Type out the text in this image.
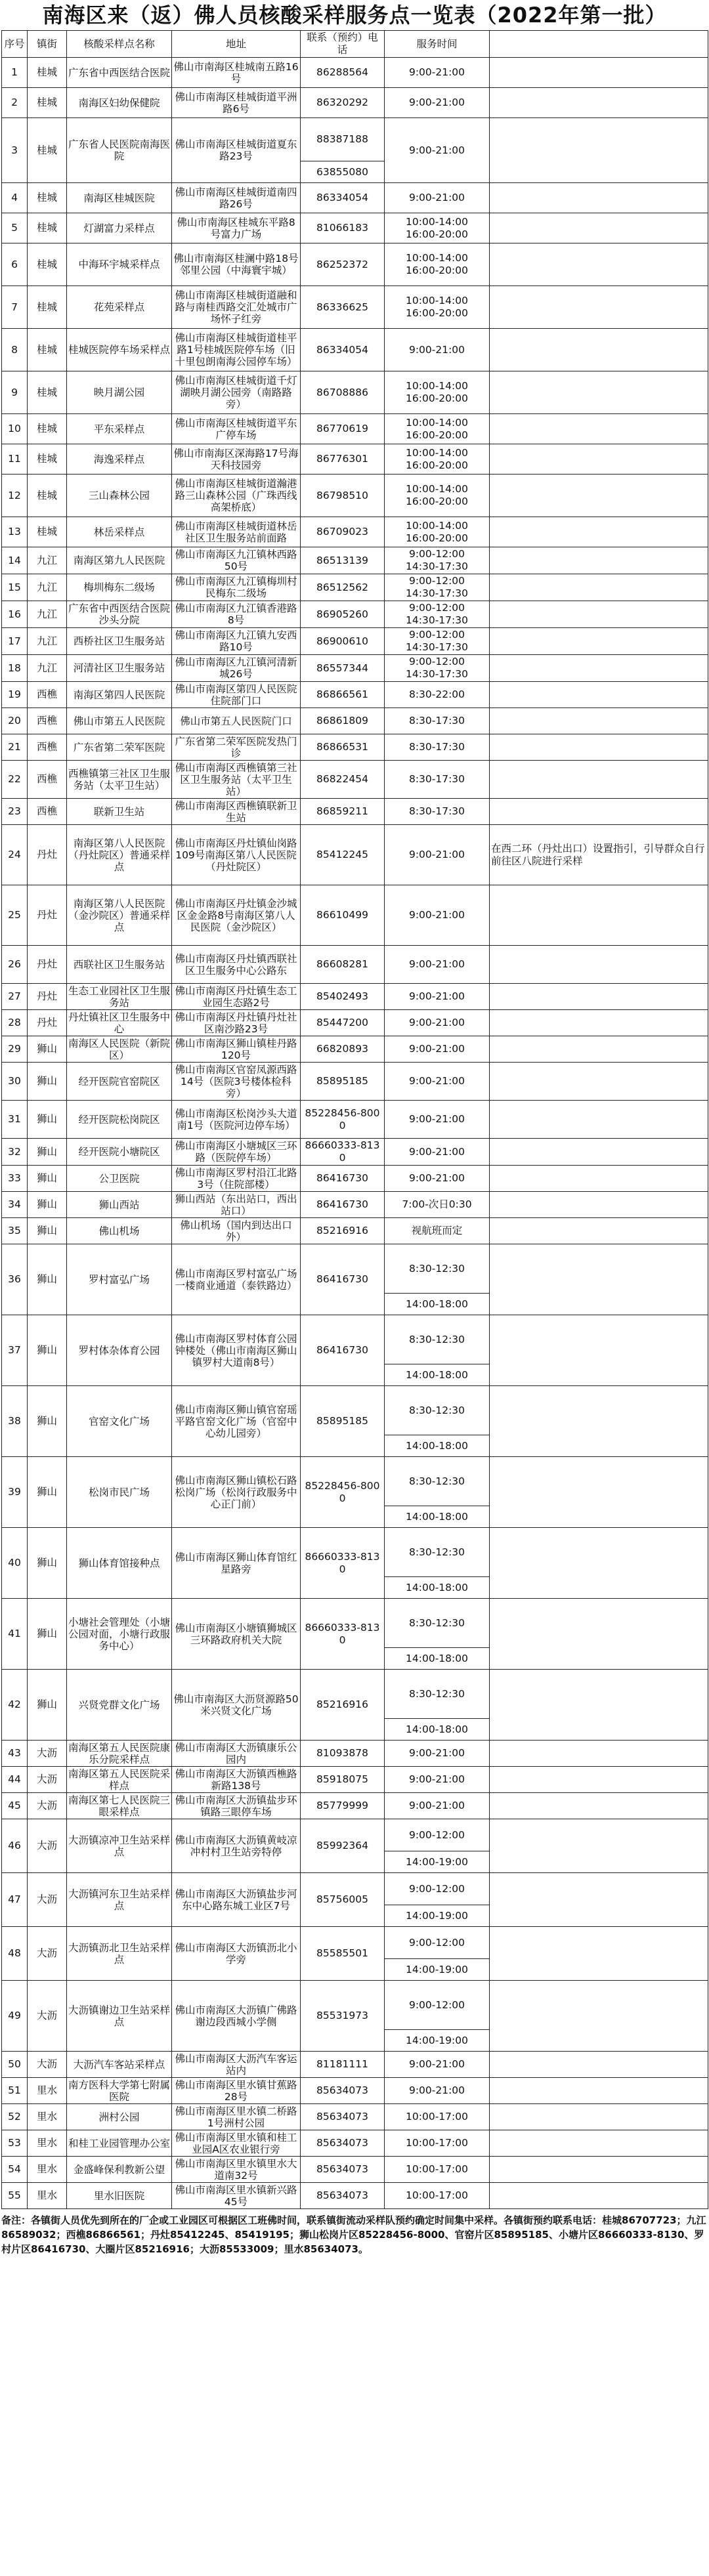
南海区来（返）佛人员核酸采样服务点一览表（2022年第一批）
序号	镇街	核酸采样点名称	地址	联系（预约）电话	服务时间	
1	桂城	广东省中西医结合医院	佛山市南海区桂城南五路16号	86288564	9:00-21:00	
2	桂城	南海区妇幼保健院	佛山市南海区桂城街道平洲路6号	86320292	9:00-21:00	
3	桂城	广东省人民医院南海医院	佛山市南海区桂城街道夏东路23号	88387188	9:00-21:00	
				63855080		
4	桂城	南海区桂城医院	佛山市南海区桂城街道南四路26号	86334054	9:00-21:00	
5	桂城	灯湖富力采样点	佛山市南海区桂城东平路8号富力广场	81066183	10:00-14:00
16:00-20:00	
6	桂城	中海环宇城采样点	佛山市南海区桂澜中路18号邻里公园（中海寰宇城）	86252372	10:00-14:00
16:00-20:00	
7	桂城	花苑采样点	佛山市南海区桂城街道融和路与南桂西路交汇处城市广场怀子红旁	86336625	10:00-14:00
16:00-20:00	
8	桂城	桂城医院停车场采样点	佛山市南海区桂城街道桂平路1号桂城医院停车场（旧十里包朗南海公园停车场）	86334054	9:00-21:00	
9	桂城	映月湖公园	佛山市南海区桂城街道千灯湖映月湖公园旁（南路路旁）	86708886	10:00-14:00
16:00-20:00	
10	桂城	平东采样点	佛山市南海区桂城街道平东广停车场	86770619	10:00-14:00
16:00-20:00	
11	桂城	海逸采样点	佛山市南海区深海路17号海天科技园旁	86776301	10:00-14:00
16:00-20:00	
12	桂城	三山森林公园	佛山市南海区桂城街道瀚港路三山森林公园（广珠西线高架桥底）	86798510	10:00-14:00
16:00-20:00	
13	桂城	林岳采样点	佛山市南海区桂城街道林岳社区卫生服务站前面路	86709023	10:00-14:00
16:00-20:00	
14	九江	南海区第九人民医院	佛山市南海区九江镇林西路50号	86513139	9:00-12:00
14:30-17:30	
15	九江	梅圳梅东二级场	佛山市南海区九江镇梅圳村民梅东二级场	86512562	9:00-12:00
14:30-17:30	
16	九江	广东省中西医结合医院沙头分院	佛山市南海区九江镇香港路8号	86905260	9:00-12:00
14:30-17:30	
17	九江	西桥社区卫生服务站	佛山市南海区九江镇九安西路10号	86900610	9:00-12:00
14:30-17:30	
18	九江	河清社区卫生服务站	佛山市南海区九江镇河清新城26号	86557344	9:00-12:00
14:30-17:30	
19	西樵	南海区第四人民医院	佛山市南海区第四人民医院住院部门口	86866561	8:30-22:00	
20	西樵	佛山市第五人民医院	佛山市第五人民医院门口	86861809	8:30-17:30	
21	西樵	广东省第二荣军医院	广东省第二荣军医院发热门诊	86866531	8:30-17:30	
22	西樵	西樵镇第三社区卫生服务站（太平卫生站）	佛山市南海区西樵镇第三社区卫生服务站（太平卫生站）	86822454	8:30-17:30	
23	西樵	联新卫生站	佛山市南海区西樵镇联新卫生站	86859211	8:30-17:30	
24	丹灶	南海区第八人民医院（丹灶院区）普通采样点	佛山市南海区丹灶镇仙岗路109号南海区第八人民医院（丹灶院区）	85412245	9:00-21:00	在西二环（丹灶出口）设置指引，引导群众自行前往区八院进行采样
25	丹灶	南海区第八人民医院（金沙院区）普通采样点	佛山市南海区丹灶镇金沙城区金金路8号南海区第八人民医院（金沙院区）	86610499	9:00-21:00	
26	丹灶	西联社区卫生服务站	佛山市南海区丹灶镇西联社区卫生服务中心公路东	86608281	9:00-21:00	
27	丹灶	生态工业园社区卫生服务站	佛山市南海区丹灶镇生态工业园生态路2号	85402493	9:00-21:00	
28	丹灶	丹灶镇社区卫生服务中心	佛山市南海区丹灶镇丹灶社区南沙路23号	85447200	9:00-21:00	
29	狮山	南海区人民医院（新院区）	佛山市南海区狮山镇桂丹路120号	66820893	9:00-21:00	
30	狮山	经开医院官窑院区	佛山市南海区官窑凤源西路14号（医院3号楼体检科旁）	85895185	9:00-21:00	
31	狮山	经开医院松岗院区	佛山市南海区松岗沙头大道南1号（医院河边停车场）	85228456-8000	9:00-21:00	
32	狮山	经开医院小塘院区	佛山市南海区小塘城区三环路（医院停车场）	86660333-8130	9:00-21:00	
33	狮山	公卫医院	佛山市南海区罗村沿江北路3号（住院部楼）	86416730	9:00-21:00	
34	狮山	狮山西站	狮山西站（东出站口，西出站口）	86416730	7:00-次日0:30	
35	狮山	佛山机场	佛山机场（国内到达出口外）	85216916	视航班而定	
36	狮山	罗村富弘广场	佛山市南海区罗村富弘广场一楼商业通道（泰铁路边）	86416730	8:30-12:30	
					14:00-18:00	
37	狮山	罗村体杂体育公园	佛山市南海区罗村体育公园钟楼处（佛山市南海区狮山镇罗村大道南8号）	86416730	8:30-12:30	
					14:00-18:00	
38	狮山	官窑文化广场	佛山市南海区狮山镇官窑瑶平路官窑文化广场（官窑中心幼儿园旁）	85895185	8:30-12:30	
					14:00-18:00	
39	狮山	松岗市民广场	佛山市南海区狮山镇松石路松岗广场（松岗行政服务中心正门前）	85228456-8000	8:30-12:30	
					14:00-18:00	
40	狮山	狮山体育馆接种点	佛山市南海区狮山体育馆红星路旁	86660333-8130	8:30-12:30	
					14:00-18:00	
41	狮山	小塘社会管理处（小塘公园对面，小塘行政服务中心）	佛山市南海区小塘镇狮城区三环路政府机关大院	86660333-8130	8:30-12:30	
					14:00-18:00	
42	狮山	兴贤党群文化广场	佛山市南海区大沥贤源路50米兴贤文化广场	85216916	8:30-12:30	
					14:00-18:00	
43	大沥	南海区第五人民医院康乐分院采样点	佛山市南海区大沥镇康乐公园内	81093878	9:00-21:00	
44	大沥	南海区第五人民医院采样点	佛山市南海区大沥镇西樵路新路138号	85918075	9:00-21:00	
45	大沥	南海区第七人民医院三眼采样点	佛山市南海区大沥镇盐步环镇路三眼停车场	85779999	9:00-21:00	
46	大沥	大沥镇凉冲卫生站采样点	佛山市南海区大沥镇黄岐凉冲村村卫生站旁特停	85992364	9:00-12:00	
					14:00-19:00	
47	大沥	大沥镇河东卫生站采样点	佛山市南海区大沥镇盐步河东中心路东城工业区7号	85756005	9:00-12:00	
					14:00-19:00	
48	大沥	大沥镇沥北卫生站采样点	佛山市南海区大沥镇沥北小学旁	85585501	9:00-12:00	
					14:00-19:00	
49	大沥	大沥镇谢边卫生站采样点	佛山市南海区大沥镇广佛路谢边段西城小学侧	85531973	9:00-12:00	
					14:00-19:00	
50	大沥	大沥汽车客站采样点	佛山市南海区大沥汽车客运站内	81181111	9:00-21:00	
51	里水	南方医科大学第七附属医院	佛山市南海区里水镇甘蕉路28号	85634073	9:00-21:00	
52	里水	洲村公园	佛山市南海区里水镇二桥路1号洲村公园	85634073	10:00-17:00	
53	里水	和桂工业园管理办公室	佛山市南海区里水镇和桂工业园A区农业银行旁	85634073	10:00-17:00	
54	里水	金盛峰保利教新公望	佛山市南海区里水镇里水大道南32号	85634073	10:00-17:00	
55	里水	里水旧医院	佛山市南海区里水镇新兴路45号	85634073	10:00-17:00	
备注：各镇街人员优先到所在的厂企或工业园区可根据区工班佛时间，联系镇街流动采样队预约确定时间集中采样。各镇街预约联系电话：桂城86707723；九江86589032；西樵86866561；丹灶85412245、85419195；狮山松岗片区85228456-8000、官窑片区85895185、小塘片区86660333-8130、罗村片区86416730、大圈片区85216916；大沥85533009；里水85634073。
